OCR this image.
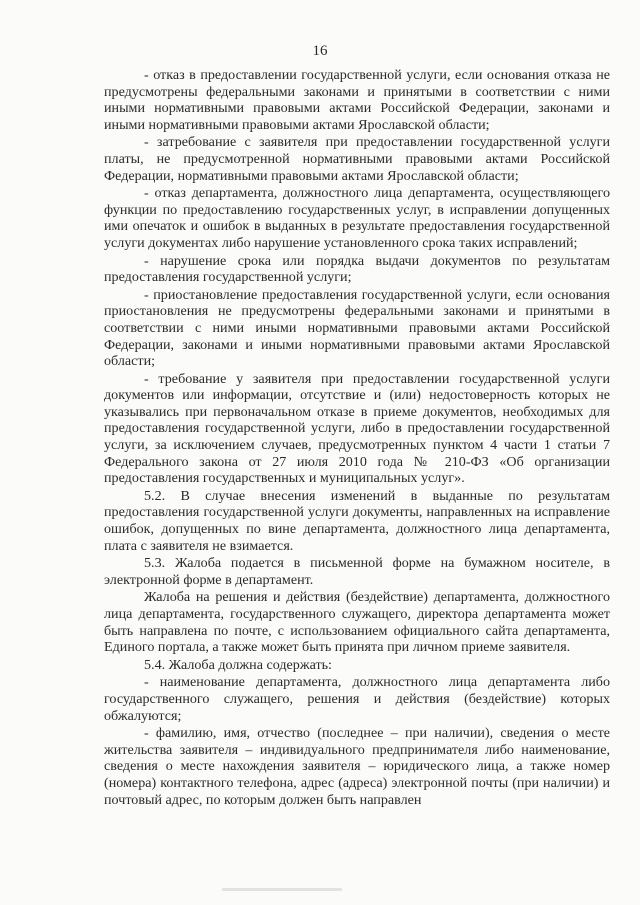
16

- отказ в предоставлении государственной услуги, если основания отказа не предусмотрены федеральными законами и принятыми в соответствии с ними иными нормативными правовыми актами Российской Федерации, законами и иными нормативными правовыми актами Ярославской области;

- затребование с заявителя при предоставлении государственной услуги платы, не предусмотренной нормативными правовыми актами Российской Федерации, нормативными правовыми актами Ярославской области;

- отказ департамента, должностного лица департамента, осуществляющего функции по предоставлению государственных услуг, в исправлении допущенных ими опечаток и ошибок в выданных в результате предоставления государственной услуги документах либо нарушение установленного срока таких исправлений;

- нарушение срока или порядка выдачи документов по результатам предоставления государственной услуги;

- приостановление предоставления государственной услуги, если основания приостановления не предусмотрены федеральными законами и принятыми в соответствии с ними иными нормативными правовыми актами Российской Федерации, законами и иными нормативными правовыми актами Ярославской области;

- требование у заявителя при предоставлении государственной услуги документов или информации, отсутствие и (или) недостоверность которых не указывались при первоначальном отказе в приеме документов, необходимых для предоставления государственной услуги, либо в предоставлении государственной услуги, за исключением случаев, предусмотренных пунктом 4 части 1 статьи 7 Федерального закона от 27 июля 2010 года № 210-ФЗ «Об организации предоставления государственных и муниципальных услуг».

5.2. В случае внесения изменений в выданные по результатам предоставления государственной услуги документы, направленных на исправление ошибок, допущенных по вине департамента, должностного лица департамента, плата с заявителя не взимается.

5.3. Жалоба подается в письменной форме на бумажном носителе, в электронной форме в департамент.

Жалоба на решения и действия (бездействие) департамента, должностного лица департамента, государственного служащего, директора департамента может быть направлена по почте, с использованием официального сайта департамента, Единого портала, а также может быть принята при личном приеме заявителя.

5.4. Жалоба должна содержать:

- наименование департамента, должностного лица департамента либо государственного служащего, решения и действия (бездействие) которых обжалуются;

- фамилию, имя, отчество (последнее – при наличии), сведения о месте жительства заявителя – индивидуального предпринимателя либо наименование, сведения о месте нахождения заявителя – юридического лица, а также номер (номера) контактного телефона, адрес (адреса) электронной почты (при наличии) и почтовый адрес, по которым должен быть направлен
